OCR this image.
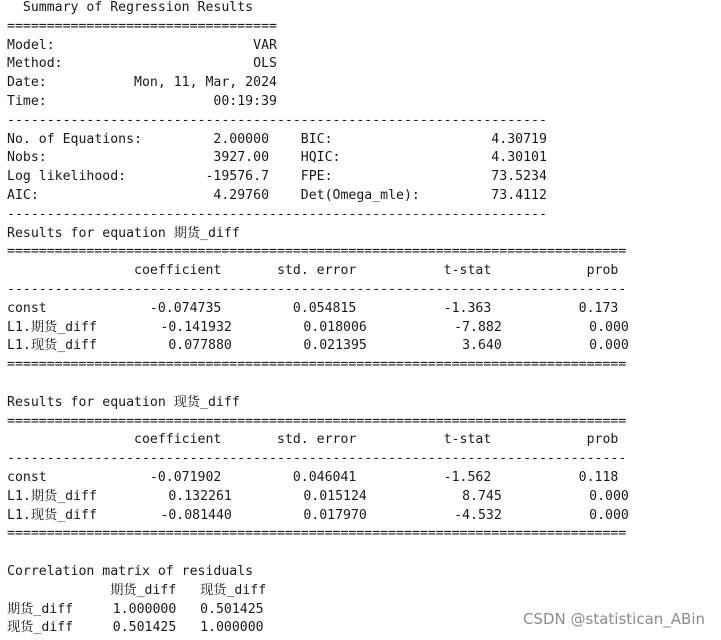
Summary of Regression Results
==================================
Model:                         VAR
Method:                        OLS
Date:           Mon, 11, Mar, 2024
Time:                     00:19:39
--------------------------------------------------------------------
No. of Equations:         2.00000    BIC:                    4.30719
Nobs:                     3927.00    HQIC:                   4.30101
Log likelihood:          -19576.7    FPE:                    73.5234
AIC:                      4.29760    Det(Omega_mle):         73.4112
--------------------------------------------------------------------
Results for equation 期货_diff
==============================================================================
coefficient       std. error           t-stat            prob
------------------------------------------------------------------------------
const             -0.074735         0.054815           -1.363           0.173
L1.期货_diff        -0.141932         0.018006           -7.882           0.000
L1.现货_diff         0.077880         0.021395            3.640           0.000
==============================================================================
Results for equation 现货_diff
==============================================================================
coefficient       std. error           t-stat            prob
------------------------------------------------------------------------------
const             -0.071902         0.046041           -1.562           0.118
L1.期货_diff         0.132261         0.015124            8.745           0.000
L1.现货_diff        -0.081440         0.017970           -4.532           0.000
==============================================================================
Correlation matrix of residuals
期货_diff   现货_diff
期货_diff     1.000000   0.501425
现货_diff     0.501425   1.000000	CSDN @statistican_ABin
